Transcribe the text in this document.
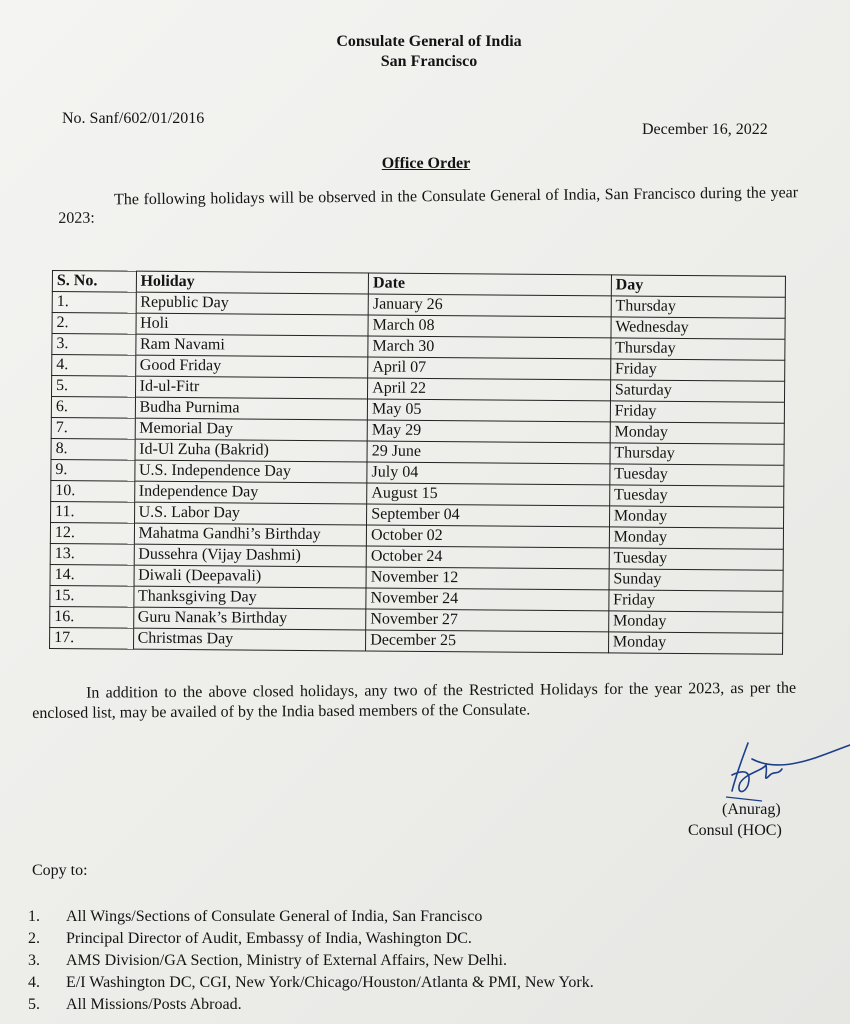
Consulate General of India
San Francisco
No. Sanf/602/01/2016
December 16, 2022
Office Order
The following holidays will be observed in the Consulate General of India, San Francisco during the year 2023:
S. No.	Holiday	Date	Day
1.	Republic Day	January 26	Thursday
2.	Holi	March 08	Wednesday
3.	Ram Navami	March 30	Thursday
4.	Good Friday	April 07	Friday
5.	Id-ul-Fitr	April 22	Saturday
6.	Budha Purnima	May 05	Friday
7.	Memorial Day	May 29	Monday
8.	Id-Ul Zuha (Bakrid)	29 June	Thursday
9.	U.S. Independence Day	July 04	Tuesday
10.	Independence Day	August 15	Tuesday
11.	U.S. Labor Day	September 04	Monday
12.	Mahatma Gandhi’s Birthday	October 02	Monday
13.	Dussehra (Vijay Dashmi)	October 24	Tuesday
14.	Diwali (Deepavali)	November 12	Sunday
15.	Thanksgiving Day	November 24	Friday
16.	Guru Nanak’s Birthday	November 27	Monday
17.	Christmas Day	December 25	Monday
In addition to the above closed holidays, any two of the Restricted Holidays for the year 2023, as per the enclosed list, may be availed of by the India based members of the Consulate.
(Anurag)
Consul (HOC)
Copy to:
1.	All Wings/Sections of Consulate General of India, San Francisco
2.	Principal Director of Audit, Embassy of India, Washington DC.
3.	AMS Division/GA Section, Ministry of External Affairs, New Delhi.
4.	E/I Washington DC, CGI, New York/Chicago/Houston/Atlanta & PMI, New York.
5.	All Missions/Posts Abroad.
